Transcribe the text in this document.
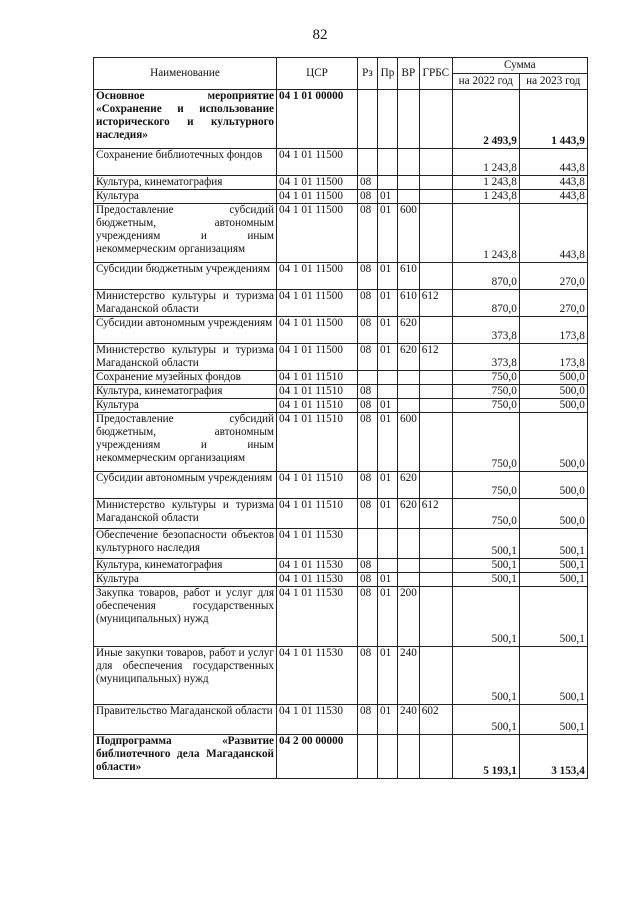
82
Наименование	ЦСР	Рз	Пр	ВР	ГРБС	Сумма	
						на 2022 год	на 2023 год
Основное мероприятие «Сохранение и использование исторического и культурного наследия»	04 1 01 00000					2 493,9	1 443,9
Сохранение библиотечных фондов	04 1 01 11500					1 243,8	443,8
Культура, кинематография	04 1 01 11500	08				1 243,8	443,8
Культура	04 1 01 11500	08	01			1 243,8	443,8
Предоставление субсидий бюджетным, автономным учреждениям и иным некоммерческим организациям	04 1 01 11500	08	01	600		1 243,8	443,8
Субсидии бюджетным учреждениям	04 1 01 11500	08	01	610		870,0	270,0
Министерство культуры и туризма Магаданской области	04 1 01 11500	08	01	610	612	870,0	270,0
Субсидии автономным учреждениям	04 1 01 11500	08	01	620		373,8	173,8
Министерство культуры и туризма Магаданской области	04 1 01 11500	08	01	620	612	373,8	173,8
Сохранение музейных фондов	04 1 01 11510					750,0	500,0
Культура, кинематография	04 1 01 11510	08				750,0	500,0
Культура	04 1 01 11510	08	01			750,0	500,0
Предоставление субсидий бюджетным, автономным учреждениям и иным некоммерческим организациям	04 1 01 11510	08	01	600		750,0	500,0
Субсидии автономным учреждениям	04 1 01 11510	08	01	620		750,0	500,0
Министерство культуры и туризма Магаданской области	04 1 01 11510	08	01	620	612	750,0	500,0
Обеспечение безопасности объектов культурного наследия	04 1 01 11530					500,1	500,1
Культура, кинематография	04 1 01 11530	08				500,1	500,1
Культура	04 1 01 11530	08	01			500,1	500,1
Закупка товаров, работ и услуг для обеспечения государственных (муниципальных) нужд	04 1 01 11530	08	01	200		500,1	500,1
Иные закупки товаров, работ и услуг для обеспечения государственных (муниципальных) нужд	04 1 01 11530	08	01	240		500,1	500,1
Правительство Магаданской области	04 1 01 11530	08	01	240	602	500,1	500,1
Подпрограмма «Развитие библиотечного дела Магаданской области»	04 2 00 00000					5 193,1	3 153,4
